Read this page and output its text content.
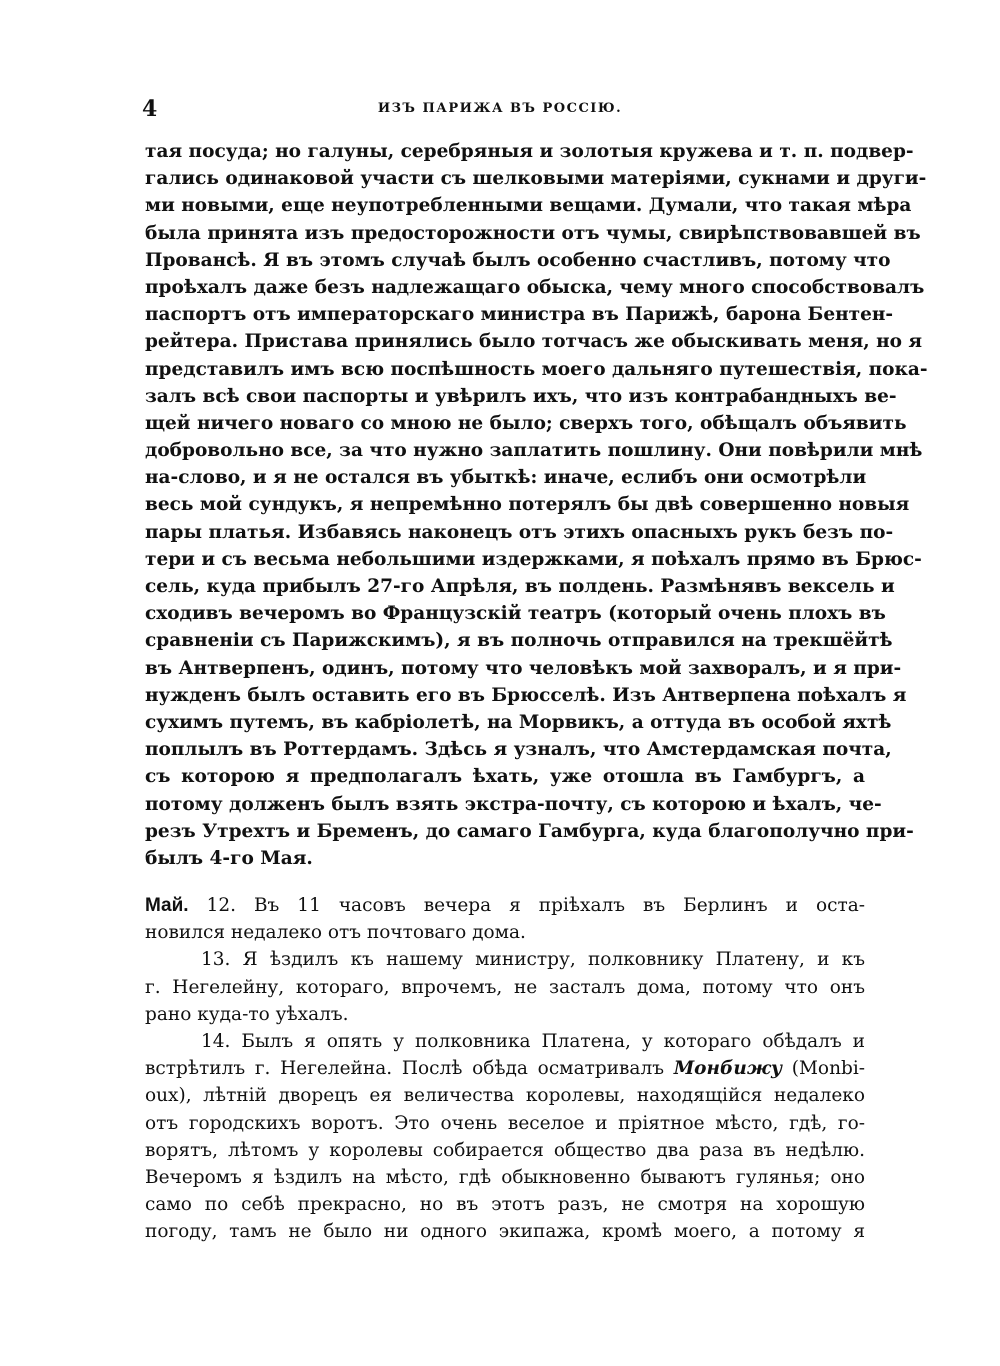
4	ИЗЪ ПАРИЖА ВЪ РОССІЮ.
тая посуда; но галуны, серебряныя и золотыя кружева и т. п. подвер-
гались одинаковой участи съ шелковыми матеріями, сукнами и други-
ми новыми, еще неупотребленными вещами. Думали, что такая мѣра
была принята изъ предосторожности отъ чумы, свирѣпствовавшей въ
Провансѣ. Я въ этомъ случаѣ былъ особенно счастливъ, потому что
проѣхалъ даже безъ надлежащаго обыска, чему много способствовалъ
паспортъ отъ императорскаго министра въ Парижѣ, барона Бентен-
рейтера. Пристава принялись было тотчасъ же обыскивать меня, но я
представилъ имъ всю поспѣшность моего дальняго путешествія, пока-
залъ всѣ свои паспорты и увѣрилъ ихъ, что изъ контрабандныхъ ве-
щей ничего новаго со мною не было; сверхъ того, обѣщалъ объявить
добровольно все, за что нужно заплатить пошлину. Они повѣрили мнѣ
на-слово, и я не остался въ убыткѣ: иначе, еслибъ они осмотрѣли
весь мой сундукъ, я непремѣнно потерялъ бы двѣ совершенно новыя
пары платья. Избавясь наконецъ отъ этихъ опасныхъ рукъ безъ по-
тери и съ весьма небольшими издержками, я поѣхалъ прямо въ Брюс-
сель, куда прибылъ 27-го Апрѣля, въ полдень. Размѣнявъ вексель и
сходивъ вечеромъ во Французскій театръ (который очень плохъ въ
сравненіи съ Парижскимъ), я въ полночь отправился на трекшёйтѣ
въ Антверпенъ, одинъ, потому что человѣкъ мой захворалъ, и я при-
нужденъ былъ оставить его въ Брюсселѣ. Изъ Антверпена поѣхалъ я
сухимъ путемъ, въ кабріолетѣ, на Морвикъ, а оттуда въ особой яхтѣ
поплылъ въ Роттердамъ. Здѣсь я узналъ, что Амстердамская почта,
съ которою я предполагалъ ѣхать, уже отошла въ Гамбургъ, а
потому долженъ былъ взять экстра-почту, съ которою и ѣхалъ, че-
резъ Утрехтъ и Бременъ, до самаго Гамбурга, куда благополучно при-
былъ 4-го Мая.
Май. 12. Въ 11 часовъ вечера я пріѣхалъ въ Берлинъ и оста-
новился недалеко отъ почтоваго дома.
13. Я ѣздилъ къ нашему министру, полковнику Платену, и къ
г. Негелейну, котораго, впрочемъ, не засталъ дома, потому что онъ
рано куда-то уѣхалъ.
14. Былъ я опять у полковника Платена, у котораго обѣдалъ и
встрѣтилъ г. Негелейна. Послѣ обѣда осматривалъ Монбижу (Monbi-
oux), лѣтній дворецъ ея величества королевы, находящійся недалеко
отъ городскихъ воротъ. Это очень веселое и пріятное мѣсто, гдѣ, го-
ворятъ, лѣтомъ у королевы собирается общество два раза въ недѣлю.
Вечеромъ я ѣздилъ на мѣсто, гдѣ обыкновенно бываютъ гулянья; оно
само по себѣ прекрасно, но въ этотъ разъ, не смотря на хорошую
погоду, тамъ не было ни одного экипажа, кромѣ моего, а потому я
